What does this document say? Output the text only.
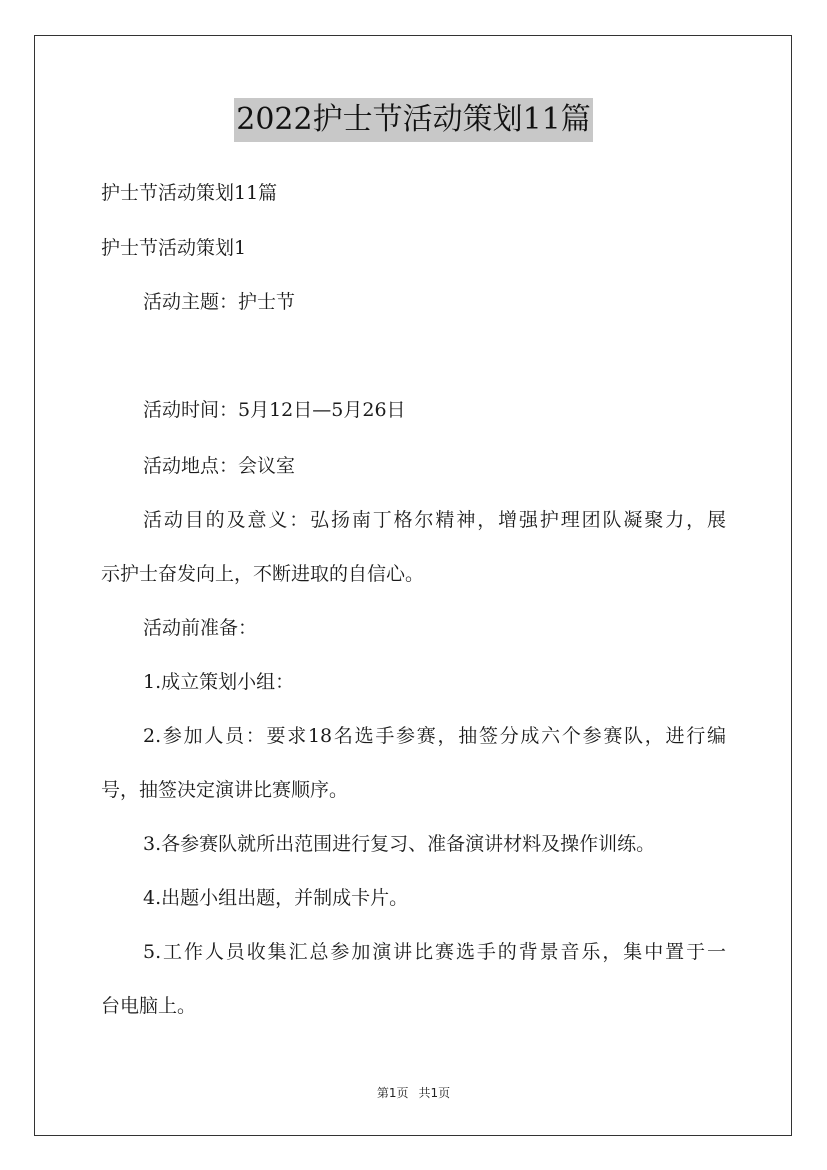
2022护士节活动策划11篇
护士节活动策划11篇
护士节活动策划1
活动主题：护士节
活动时间：5月12日—5月26日
活动地点：会议室
活动目的及意义：弘扬南丁格尔精神，增强护理团队凝聚力，展
示护士奋发向上，不断进取的自信心。
活动前准备：
1.成立策划小组：
2.参加人员：要求18名选手参赛，抽签分成六个参赛队，进行编
号，抽签决定演讲比赛顺序。
3.各参赛队就所出范围进行复习、准备演讲材料及操作训练。
4.出题小组出题，并制成卡片。
5.工作人员收集汇总参加演讲比赛选手的背景音乐，集中置于一
台电脑上。
第1页 共1页
